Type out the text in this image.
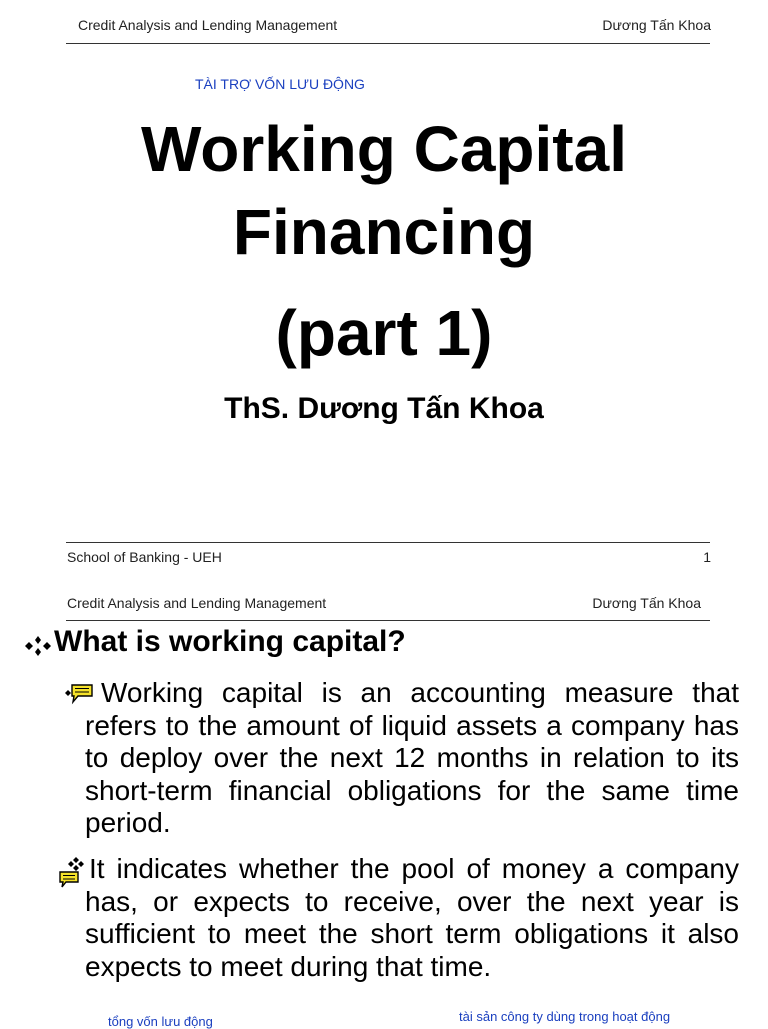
Credit Analysis and Lending Management	Dương Tấn Khoa
TÀI TRỢ VỐN LƯU ĐỘNG
Working Capital
Financing
(part 1)
ThS. Dương Tấn Khoa
School of Banking - UEH	1
Credit Analysis and Lending Management	Dương Tấn Khoa
What is working capital?
Working capital is an accounting measure that refers to the amount of liquid assets a company has to deploy over the next 12 months in relation to its short-term financial obligations for the same time period.
It indicates whether the pool of money a company has, or expects to receive, over the next year is sufficient to meet the short term obligations it also expects to meet during that time.
tổng vốn lưu động	tài sản công ty dùng trong hoạt động
